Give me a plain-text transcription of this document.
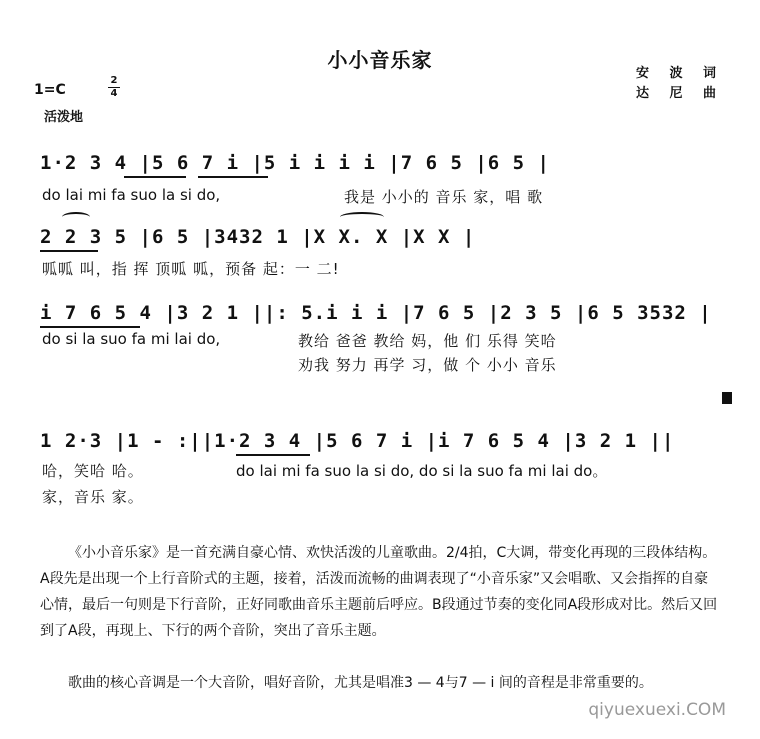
小小音乐家
1=C
2
4
活泼地
安 波 词
达 尼 曲
1·2 3 4 |5 6 7 i |5 i i i i |7 6 5 |6 5 |
do lai mi fa suo la si do,	我是 小小的 音乐 家，唱 歌
2 2 3 5 |6 5 |3432 1 |X X. X |X X |
呱呱 叫，指 挥 顶呱 呱，预备 起：一 二!
i 7 6 5 4 |3 2 1 ||: 5.i i i |7 6 5 |2 3 5 |6 5 3532 |
do si la suo fa mi lai do,	教给 爸爸 教给 妈，他 们 乐得 笑哈
劝我 努力 再学 习，做 个 小小 音乐
1 2·3 |1 - :||1·2 3 4 |5 6 7 i |i 7 6 5 4 |3 2 1 ||
哈，笑哈 哈。
家，音乐 家。
do lai mi fa suo la si do, do si la suo fa mi lai do。
《小小音乐家》是一首充满自豪心情、欢快活泼的儿童歌曲。2/4拍，C大调，带变化再现的三段体结构。A段先是出现一个上行音阶式的主题，接着，活泼而流畅的曲调表现了“小音乐家”又会唱歌、又会指挥的自豪心情，最后一句则是下行音阶，正好同歌曲音乐主题前后呼应。B段通过节奏的变化同A段形成对比。然后又回到了A段，再现上、下行的两个音阶，突出了音乐主题。
歌曲的核心音调是一个大音阶，唱好音阶，尤其是唱准3 — 4与7 — i 间的音程是非常重要的。
qiyuexuexi.COM
